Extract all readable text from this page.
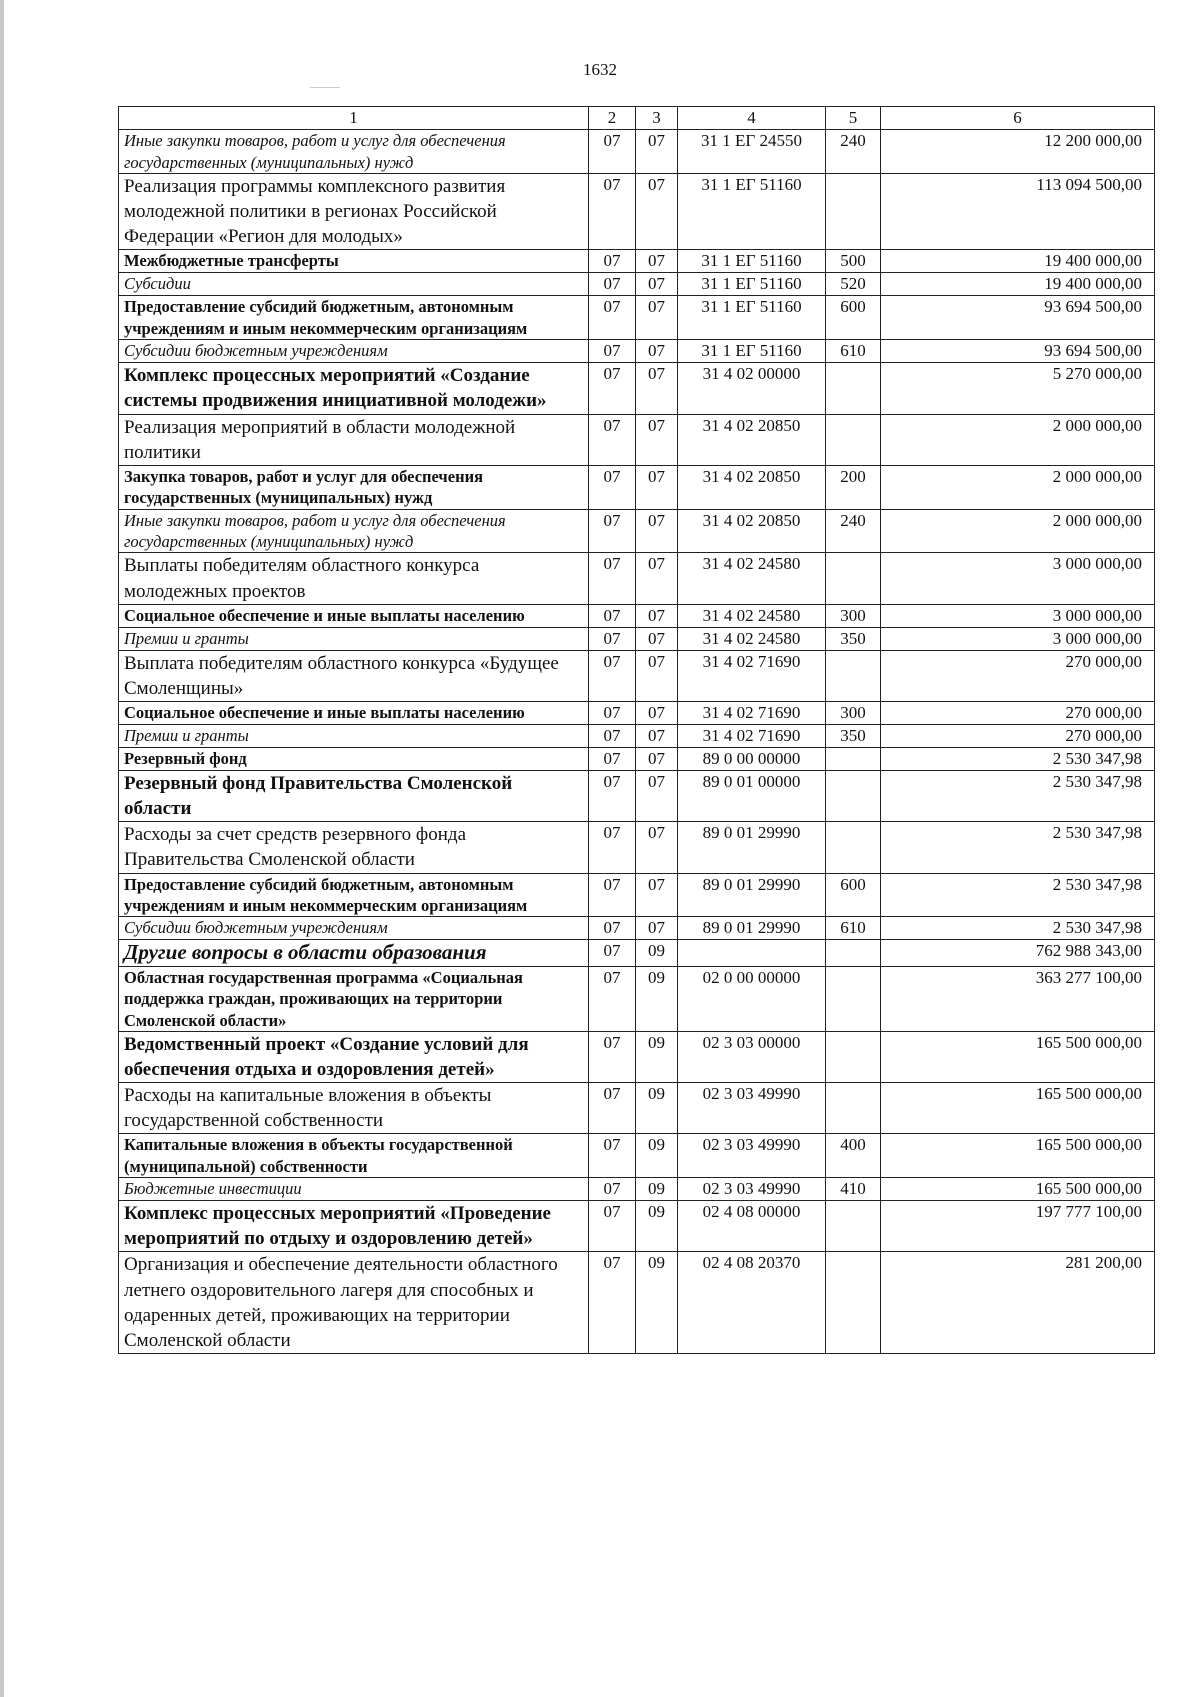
1632
1	2	3	4	5	6
Иные закупки товаров, работ и услуг для обеспечения государственных (муниципальных) нужд	07	07	31 1 ЕГ 24550	240	12 200 000,00
Реализация программы комплексного развития молодежной политики в регионах Российской Федерации «Регион для молодых»	07	07	31 1 ЕГ 51160		113 094 500,00
Межбюджетные трансферты	07	07	31 1 ЕГ 51160	500	19 400 000,00
Субсидии	07	07	31 1 ЕГ 51160	520	19 400 000,00
Предоставление субсидий бюджетным, автономным учреждениям и иным некоммерческим организациям	07	07	31 1 ЕГ 51160	600	93 694 500,00
Субсидии бюджетным учреждениям	07	07	31 1 ЕГ 51160	610	93 694 500,00
Комплекс процессных мероприятий «Создание системы продвижения инициативной молодежи»	07	07	31 4 02 00000		5 270 000,00
Реализация мероприятий в области молодежной политики	07	07	31 4 02 20850		2 000 000,00
Закупка товаров, работ и услуг для обеспечения государственных (муниципальных) нужд	07	07	31 4 02 20850	200	2 000 000,00
Иные закупки товаров, работ и услуг для обеспечения государственных (муниципальных) нужд	07	07	31 4 02 20850	240	2 000 000,00
Выплаты победителям областного конкурса молодежных проектов	07	07	31 4 02 24580		3 000 000,00
Социальное обеспечение и иные выплаты населению	07	07	31 4 02 24580	300	3 000 000,00
Премии и гранты	07	07	31 4 02 24580	350	3 000 000,00
Выплата победителям областного конкурса «Будущее Смоленщины»	07	07	31 4 02 71690		270 000,00
Социальное обеспечение и иные выплаты населению	07	07	31 4 02 71690	300	270 000,00
Премии и гранты	07	07	31 4 02 71690	350	270 000,00
Резервный фонд	07	07	89 0 00 00000		2 530 347,98
Резервный фонд Правительства Смоленской области	07	07	89 0 01 00000		2 530 347,98
Расходы за счет средств резервного фонда Правительства Смоленской области	07	07	89 0 01 29990		2 530 347,98
Предоставление субсидий бюджетным, автономным учреждениям и иным некоммерческим организациям	07	07	89 0 01 29990	600	2 530 347,98
Субсидии бюджетным учреждениям	07	07	89 0 01 29990	610	2 530 347,98
Другие вопросы в области образования	07	09			762 988 343,00
Областная государственная программа «Социальная поддержка граждан, проживающих на территории Смоленской области»	07	09	02 0 00 00000		363 277 100,00
Ведомственный проект «Создание условий для обеспечения отдыха и оздоровления детей»	07	09	02 3 03 00000		165 500 000,00
Расходы на капитальные вложения в объекты государственной собственности	07	09	02 3 03 49990		165 500 000,00
Капитальные вложения в объекты государственной (муниципальной) собственности	07	09	02 3 03 49990	400	165 500 000,00
Бюджетные инвестиции	07	09	02 3 03 49990	410	165 500 000,00
Комплекс процессных мероприятий «Проведение мероприятий по отдыху и оздоровлению детей»	07	09	02 4 08 00000		197 777 100,00
Организация и обеспечение деятельности областного летнего оздоровительного лагеря для способных и одаренных детей, проживающих на территории Смоленской области	07	09	02 4 08 20370		281 200,00
